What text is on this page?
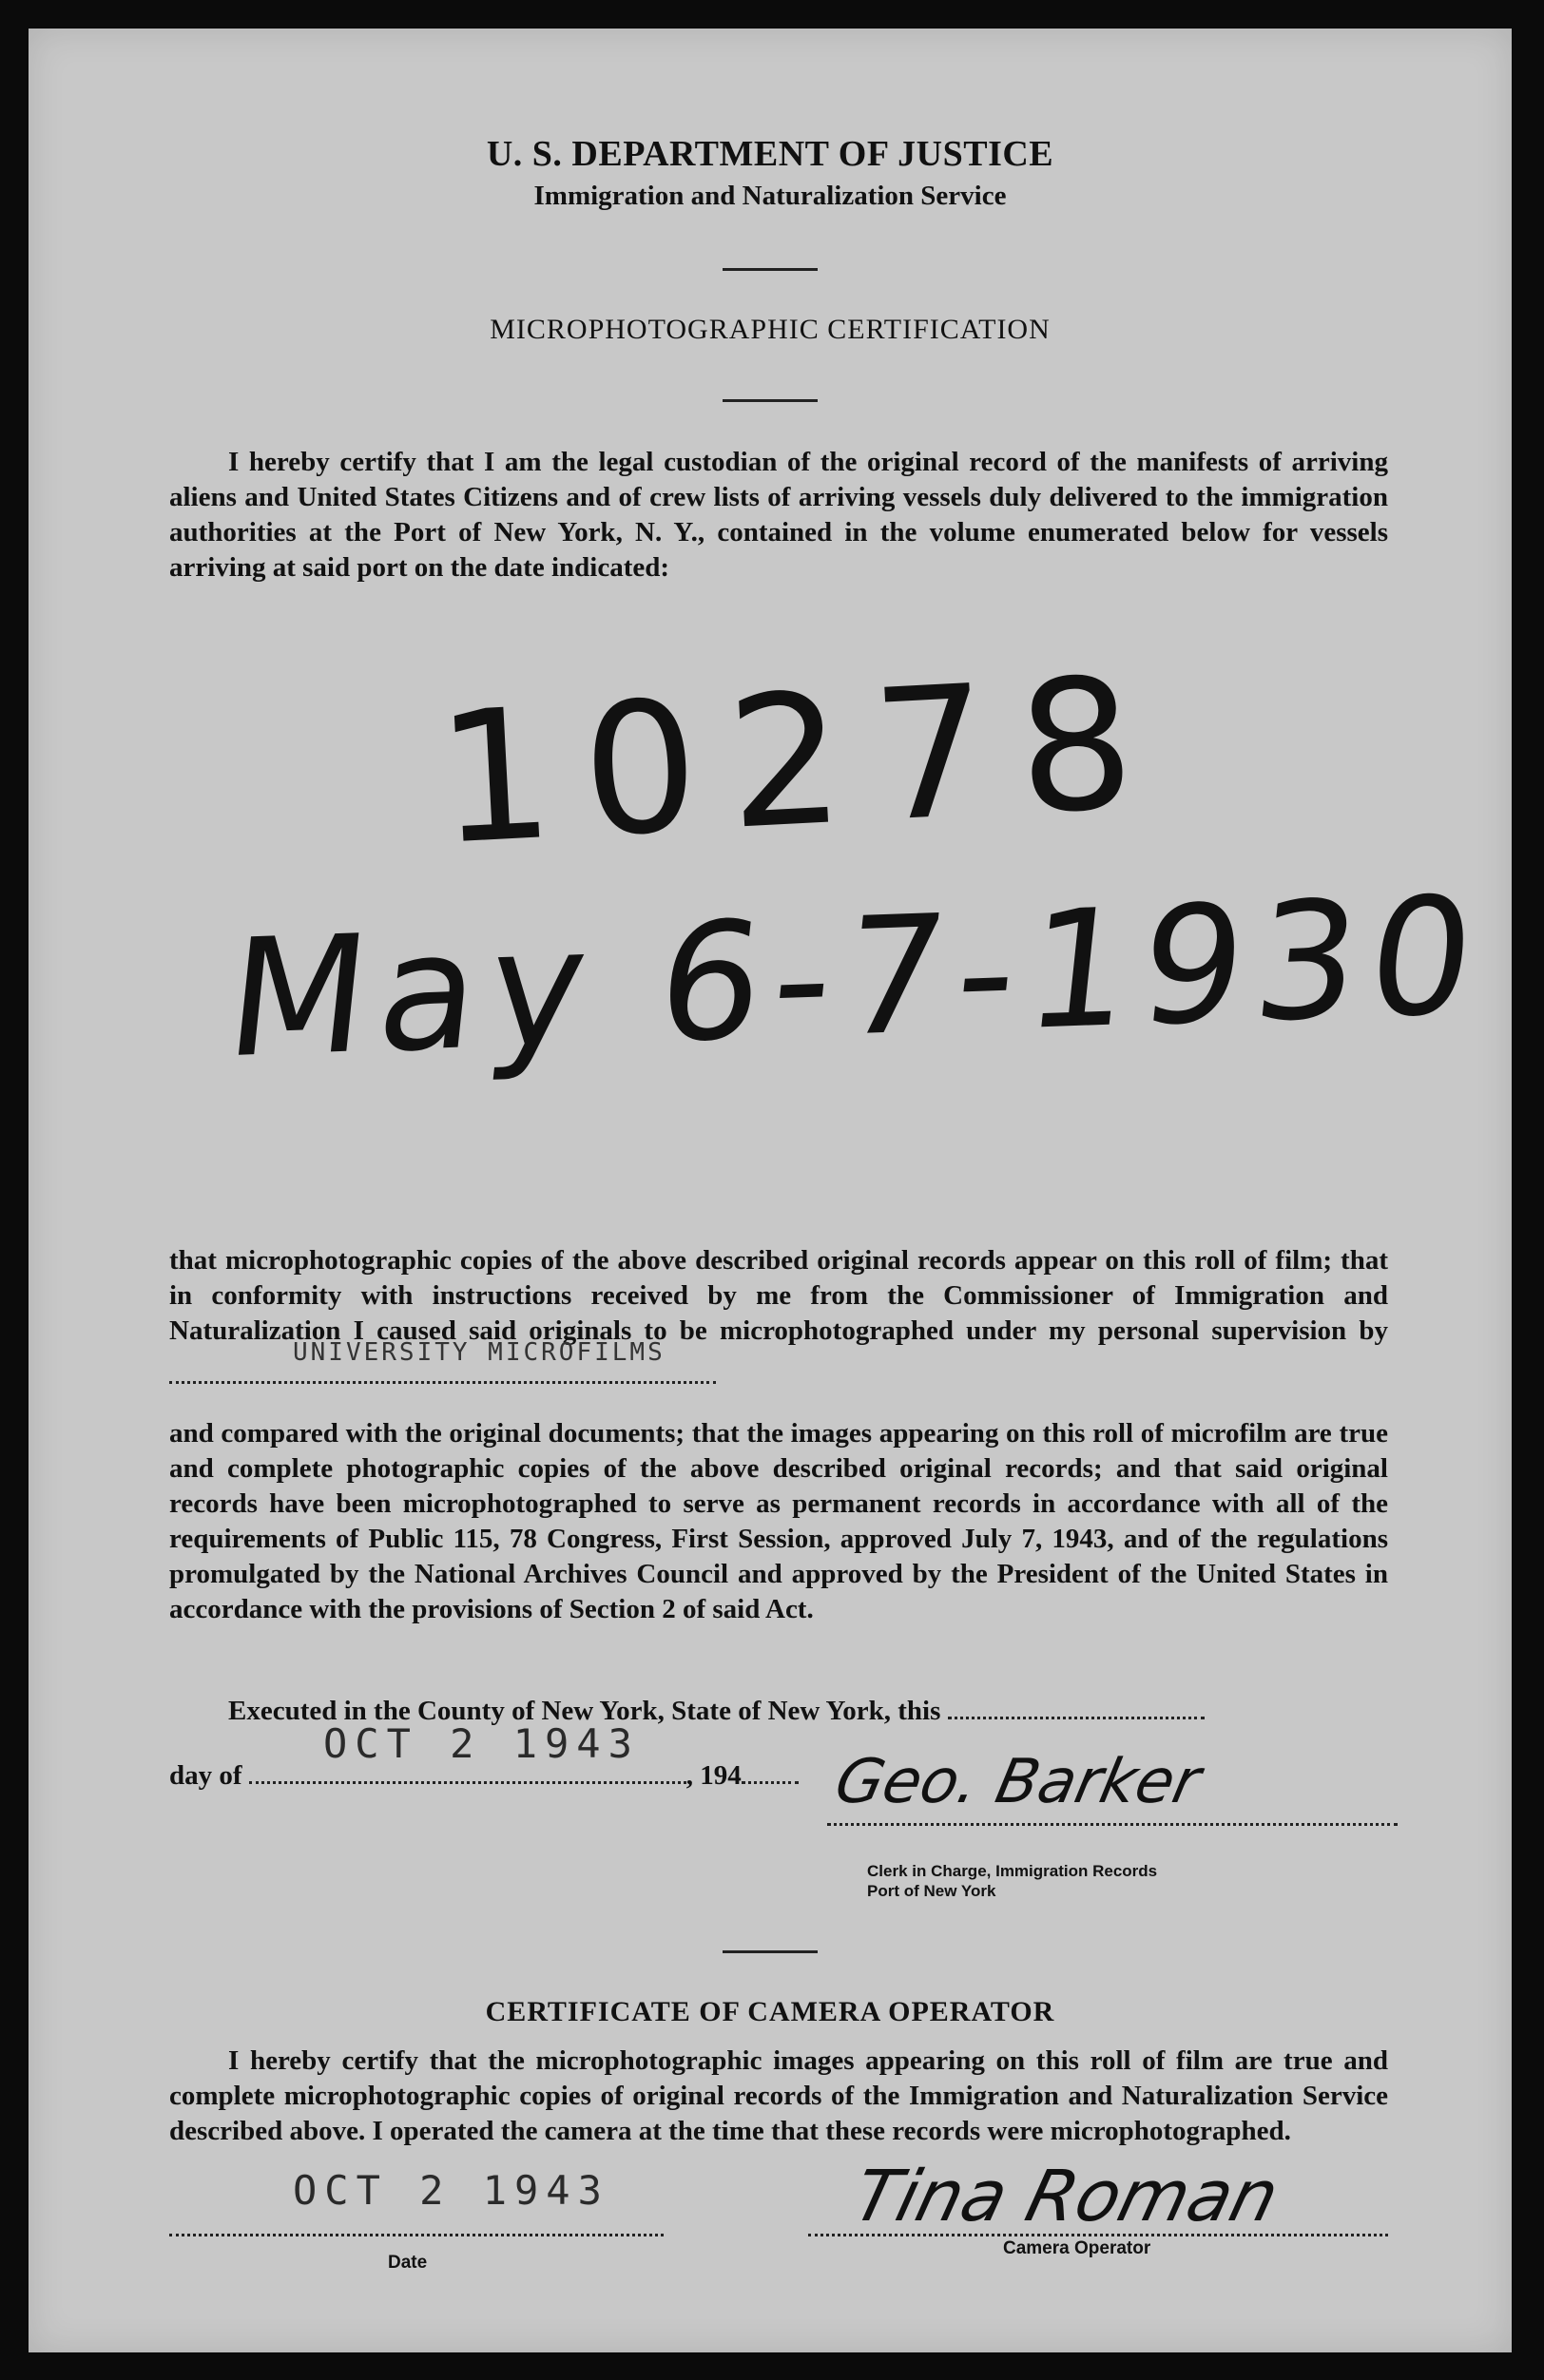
U. S. DEPARTMENT OF JUSTICE
Immigration and Naturalization Service
MICROPHOTOGRAPHIC CERTIFICATION

I hereby certify that I am the legal custodian of the original record of the manifests of arriving aliens and United States Citizens and of crew lists of arriving vessels duly delivered to the immigration authorities at the Port of New York, N. Y., contained in the volume enumerated below for vessels arriving at said port on the date indicated:

10278
May 6-7-1930

that microphotographic copies of the above described original records appear on this roll of film; that in conformity with instructions received by me from the Commissioner of Immigration and Naturalization I caused said originals to be microphotographed under my personal supervision by
UNIVERSITY MICROFILMS

and compared with the original documents; that the images appearing on this roll of microfilm are true and complete photographic copies of the above described original records; and that said original records have been microphotographed to serve as permanent records in accordance with all of the requirements of Public 115, 78 Congress, First Session, approved July 7, 1943, and of the regulations promulgated by the National Archives Council and approved by the President of the United States in accordance with the provisions of Section 2 of said Act.

Executed in the County of New York, State of New York, this
OCT 2 1943
day of	, 194	Geo. Barker
Clerk in Charge, Immigration Records
Port of New York
CERTIFICATE OF CAMERA OPERATOR

I hereby certify that the microphotographic images appearing on this roll of film are true and complete microphotographic copies of original records of the Immigration and Naturalization Service described above. I operated the camera at the time that these records were microphotographed.

OCT 2 1943
Date
Tina Roman
Camera Operator
